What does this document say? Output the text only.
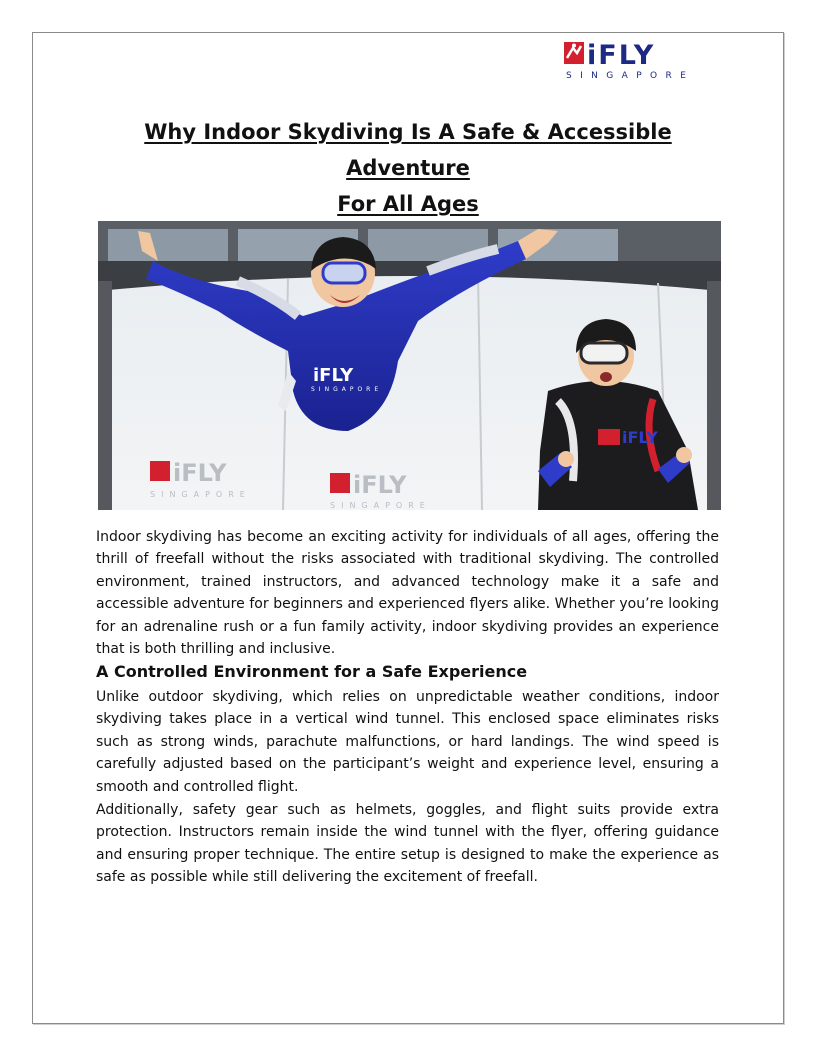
iFLY
SINGAPORE
Why Indoor Skydiving Is A Safe & Accessible Adventure
For All Ages
iFLY
SINGAPORE	iFLY
SINGAPORE
iFLY
SINGAPORE
iFLY

Indoor skydiving has become an exciting activity for individuals of all ages, offering the thrill of freefall without the risks associated with traditional skydiving. The controlled environment, trained instructors, and advanced technology make it a safe and accessible adventure for beginners and experienced flyers alike. Whether you’re looking for an adrenaline rush or a fun family activity, indoor skydiving provides an experience that is both thrilling and inclusive.

A Controlled Environment for a Safe Experience

Unlike outdoor skydiving, which relies on unpredictable weather conditions, indoor skydiving takes place in a vertical wind tunnel. This enclosed space eliminates risks such as strong winds, parachute malfunctions, or hard landings. The wind speed is carefully adjusted based on the participant’s weight and experience level, ensuring a smooth and controlled flight.

Additionally, safety gear such as helmets, goggles, and flight suits provide extra protection. Instructors remain inside the wind tunnel with the flyer, offering guidance and ensuring proper technique. The entire setup is designed to make the experience as safe as possible while still delivering the excitement of freefall.
